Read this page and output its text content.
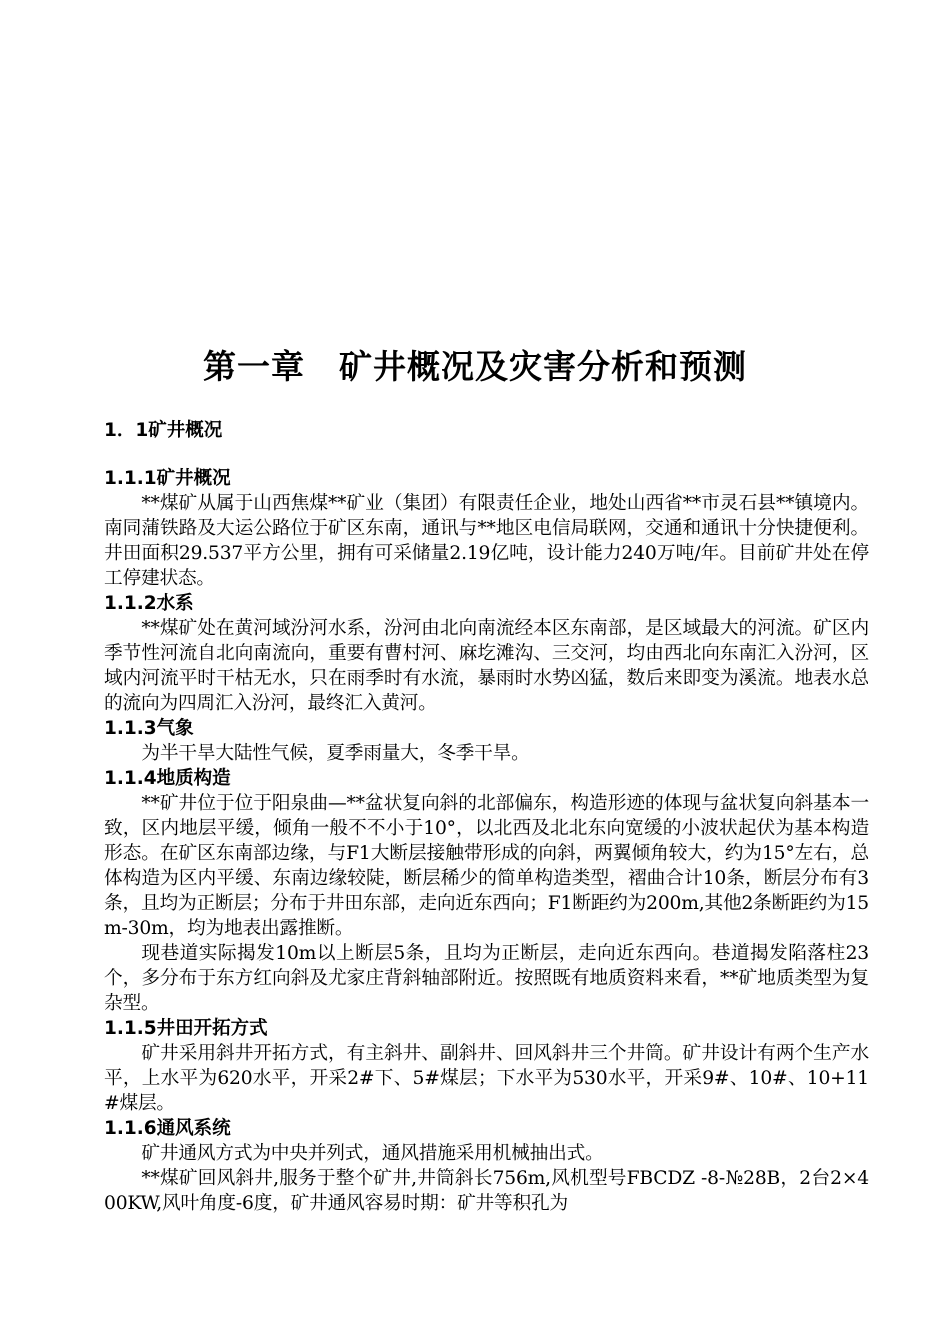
第一章　矿井概况及灾害分析和预测
1．1矿井概况
1.1.1矿井概况

**煤矿从属于山西焦煤**矿业（集团）有限责任企业，地处山西省**市灵石县**镇境内。南同蒲铁路及大运公路位于矿区东南，通讯与**地区电信局联网，交通和通讯十分快捷便利。井田面积29.537平方公里，拥有可采储量2.19亿吨，设计能力240万吨/年。目前矿井处在停工停建状态。

1.1.2水系

**煤矿处在黄河域汾河水系，汾河由北向南流经本区东南部，是区域最大的河流。矿区内季节性河流自北向南流向，重要有曹村河、麻圪滩沟、三交河，均由西北向东南汇入汾河，区域内河流平时干枯无水，只在雨季时有水流，暴雨时水势凶猛，数后来即变为溪流。地表水总的流向为四周汇入汾河，最终汇入黄河。

1.1.3气象

为半干旱大陆性气候，夏季雨量大，冬季干旱。

1.1.4地质构造

**矿井位于位于阳泉曲—**盆状复向斜的北部偏东，构造形迹的体现与盆状复向斜基本一致，区内地层平缓，倾角一般不不小于10°，以北西及北北东向宽缓的小波状起伏为基本构造形态。在矿区东南部边缘，与F1大断层接触带形成的向斜，两翼倾角较大，约为15°左右，总体构造为区内平缓、东南边缘较陡，断层稀少的简单构造类型，褶曲合计10条，断层分布有3条，且均为正断层；分布于井田东部，走向近东西向；F1断距约为200m,其他2条断距约为15m-30m，均为地表出露推断。

现巷道实际揭发10m以上断层5条，且均为正断层，走向近东西向。巷道揭发陷落柱23个，多分布于东方红向斜及尤家庄背斜轴部附近。按照既有地质资料来看，**矿地质类型为复杂型。

1.1.5井田开拓方式

矿井采用斜井开拓方式，有主斜井、副斜井、回风斜井三个井筒。矿井设计有两个生产水平，上水平为620水平，开采2#下、5#煤层；下水平为530水平，开采9#、10#、10+11#煤层。

1.1.6通风系统

矿井通风方式为中央并列式，通风措施采用机械抽出式。

**煤矿回风斜井,服务于整个矿井,井筒斜长756m,风机型号FBCDZ -8-№28B，2台2×400KW,风叶角度-6度，矿井通风容易时期：矿井等积孔为
